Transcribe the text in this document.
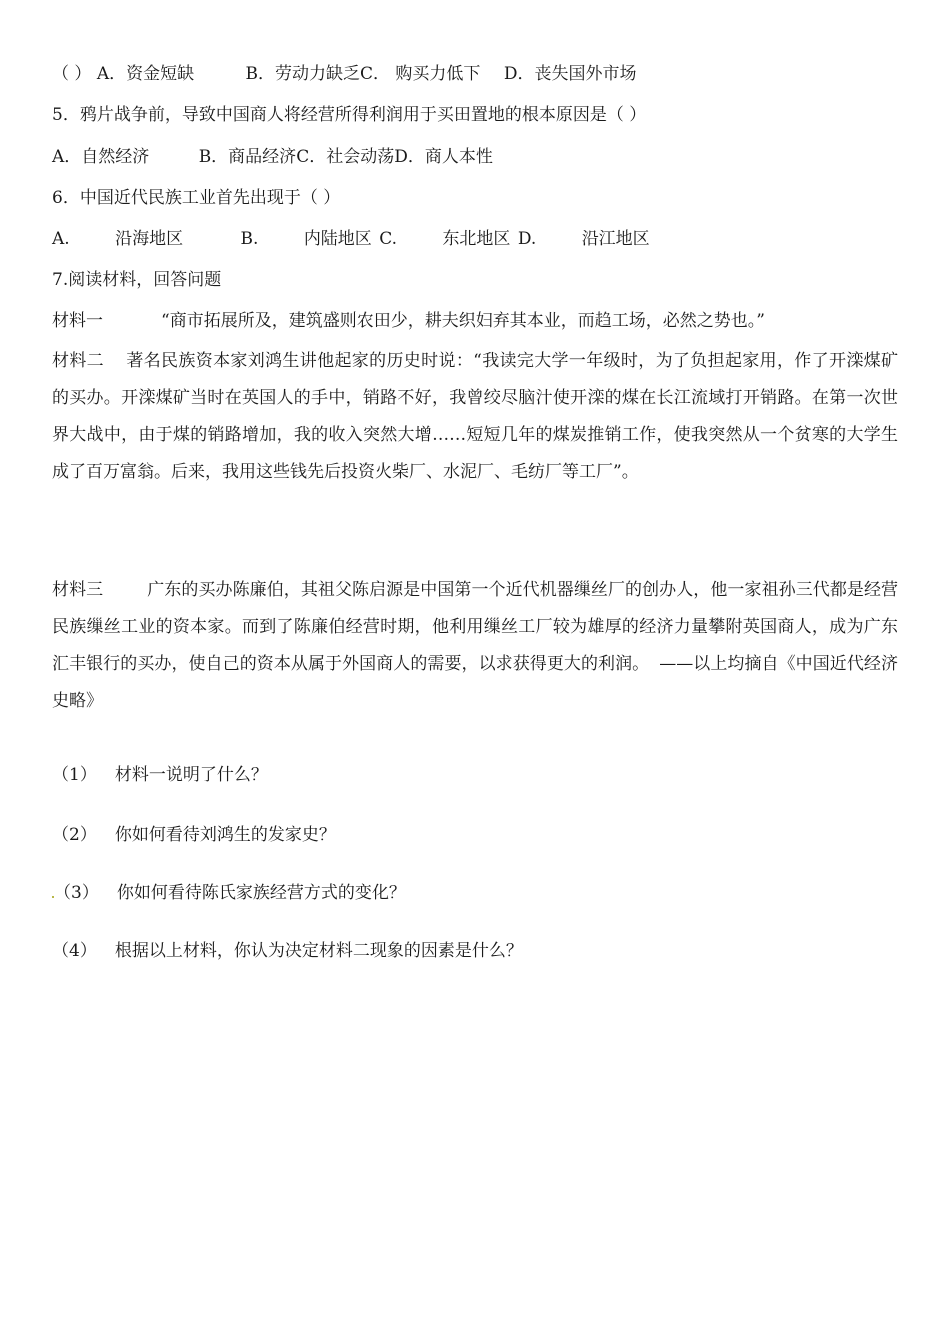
（ ） A．资金短缺	B．劳动力缺乏C． 购买力低下 D．丧失国外市场
5．鸦片战争前，导致中国商人将经营所得利润用于买田置地的根本原因是（ ）
A．自然经济	B．商品经济C．社会动荡D．商人本性
6．中国近代民族工业首先出现于（ ）
A.	沿海地区	B.	内陆地区 C.	东北地区 D.	沿江地区
7.阅读材料，回答问题
材料一	“商市拓展所及，建筑盛则农田少，耕夫织妇弃其本业，而趋工场，必然之势也。”
材料二 著名民族资本家刘鸿生讲他起家的历史时说：“我读完大学一年级时，为了负担起家用，作了开滦煤矿的买办。开滦煤矿当时在英国人的手中，销路不好，我曾绞尽脑汁使开滦的煤在长江流域打开销路。在第一次世界大战中，由于煤的销路增加，我的收入突然大增……短短几年的煤炭推销工作，使我突然从一个贫寒的大学生成了百万富翁。后来，我用这些钱先后投资火柴厂、水泥厂、毛纺厂等工厂”。
材料三	广东的买办陈廉伯，其祖父陈启源是中国第一个近代机器缫丝厂的创办人，他一家祖孙三代都是经营民族缫丝工业的资本家。而到了陈廉伯经营时期，他利用缫丝工厂较为雄厚的经济力量攀附英国商人，成为广东汇丰银行的买办，使自己的资本从属于外国商人的需要，以求获得更大的利润。 ——以上均摘自《中国近代经济史略》
（1） 材料一说明了什么？
（2） 你如何看待刘鸿生的发家史？
（3） 你如何看待陈氏家族经营方式的变化？
（4） 根据以上材料，你认为决定材料二现象的因素是什么？
